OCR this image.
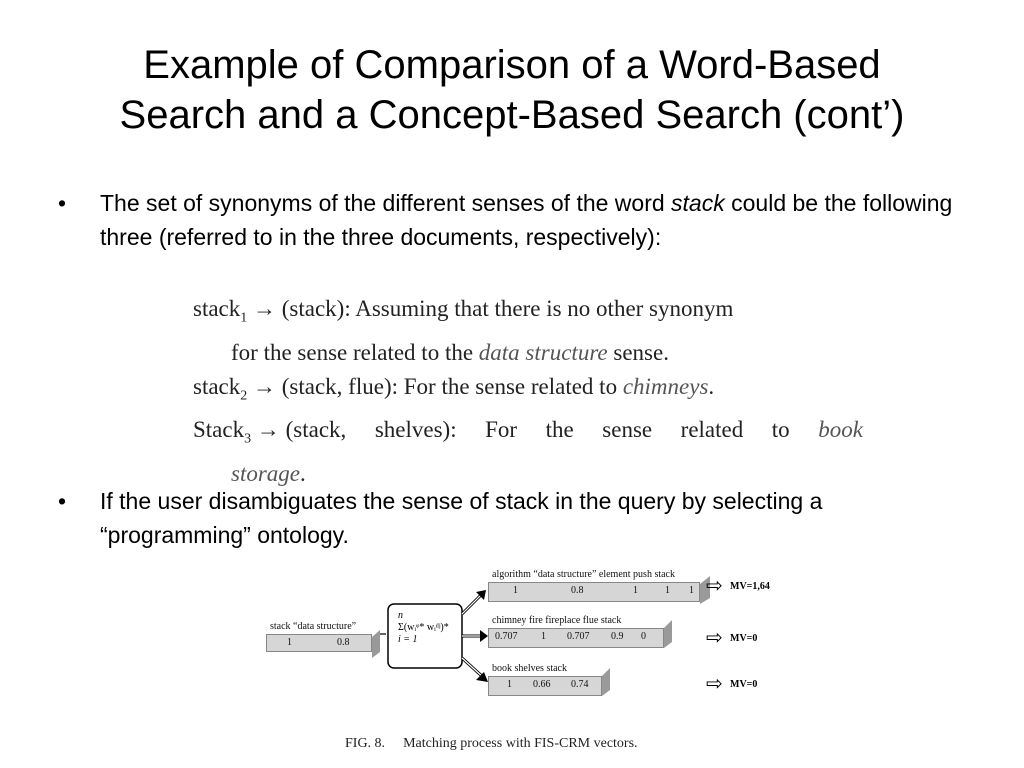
Example of Comparison of a Word-Based
Search and a Concept-Based Search (cont’)
•	The set of synonyms of the different senses of the word stack could be the following three (referred to in the three documents, respectively):
stack$_1$ → (stack): Assuming that there is no other synonym
for the sense related to the data structure sense.
stack$_2$ → (stack, flue): For the sense related to chimneys.
Stack$_3$ → (stack, shelves): For the sense related to book
storage.
•	If the user disambiguates the sense of stack in the query by selecting a “programming” ontology.
stack “data structure”
1	0.8
n
Σ(wᵢᵠ* wᵢᵈʲ)*
i = 1
algorithm “data structure” element push stack
1	0.8	1	1 1
chimney fire fireplace flue stack
0.707 1 0.707 0.9 0
book shelves stack
1 0.66 0.74
⇨ MV=1,64
⇨ MV=0
⇨ MV=0
FIG. 8. Matching process with FIS-CRM vectors.
